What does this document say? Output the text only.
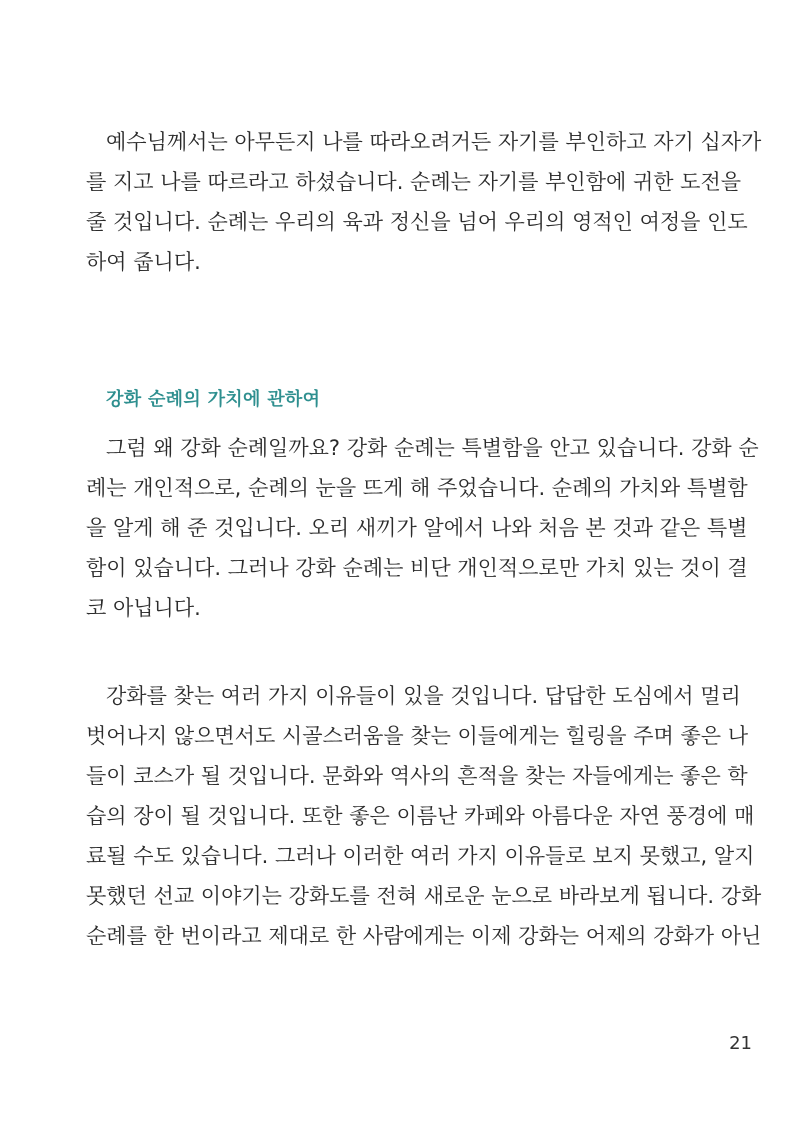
예수님께서는 아무든지 나를 따라오려거든 자기를 부인하고 자기 십자가
를 지고 나를 따르라고 하셨습니다. 순례는 자기를 부인함에 귀한 도전을
줄 것입니다. 순례는 우리의 육과 정신을 넘어 우리의 영적인 여정을 인도
하여 줍니다.
강화 순례의 가치에 관하여
그럼 왜 강화 순례일까요? 강화 순례는 특별함을 안고 있습니다. 강화 순
례는 개인적으로, 순례의 눈을 뜨게 해 주었습니다. 순례의 가치와 특별함
을 알게 해 준 것입니다. 오리 새끼가 알에서 나와 처음 본 것과 같은 특별
함이 있습니다. 그러나 강화 순례는 비단 개인적으로만 가치 있는 것이 결
코 아닙니다.
강화를 찾는 여러 가지 이유들이 있을 것입니다. 답답한 도심에서 멀리
벗어나지 않으면서도 시골스러움을 찾는 이들에게는 힐링을 주며 좋은 나
들이 코스가 될 것입니다. 문화와 역사의 흔적을 찾는 자들에게는 좋은 학
습의 장이 될 것입니다. 또한 좋은 이름난 카페와 아름다운 자연 풍경에 매
료될 수도 있습니다. 그러나 이러한 여러 가지 이유들로 보지 못했고, 알지
못했던 선교 이야기는 강화도를 전혀 새로운 눈으로 바라보게 됩니다. 강화
순례를 한 번이라고 제대로 한 사람에게는 이제 강화는 어제의 강화가 아닌
21
